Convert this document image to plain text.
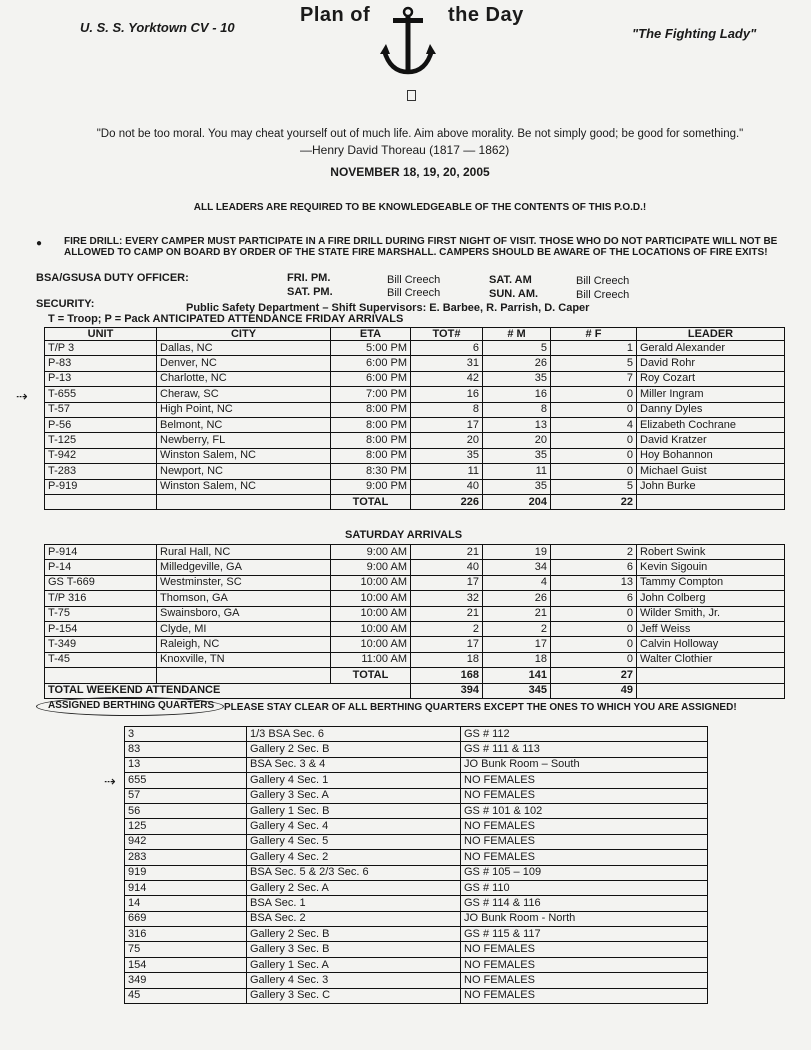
U. S. S. Yorktown CV - 10
Plan of	the Day
"The Fighting Lady"
"Do not be too moral. You may cheat yourself out of much life. Aim above morality. Be not simply good; be good for something."
—Henry David Thoreau (1817 — 1862)
NOVEMBER 18, 19, 20, 2005
ALL LEADERS ARE REQUIRED TO BE KNOWLEDGEABLE OF THE CONTENTS OF THIS P.O.D.!
● FIRE DRILL: EVERY CAMPER MUST PARTICIPATE IN A FIRE DRILL DURING FIRST NIGHT OF VISIT. THOSE WHO DO NOT PARTICIPATE WILL NOT BE ALLOWED TO CAMP ON BOARD BY ORDER OF THE STATE FIRE MARSHALL. CAMPERS SHOULD BE AWARE OF THE LOCATIONS OF FIRE EXITS!
BSA/GSUSA DUTY OFFICER:	FRI. PM.	Bill Creech	SAT. AM	Bill Creech
SAT. PM.	Bill Creech	SUN. AM.	Bill Creech
SECURITY:	Public Safety Department – Shift Supervisors: E. Barbee, R. Parrish, D. Caper
T = Troop; P = Pack ANTICIPATED ATTENDANCE FRIDAY ARRIVALS
UNIT	CITY	ETA	TOT#	# M	# F	LEADER
T/P 3	Dallas, NC	5:00 PM	6	5	1	Gerald Alexander
P-83	Denver, NC	6:00 PM	31	26	5	David Rohr
P-13	Charlotte, NC	6:00 PM	42	35	7	Roy Cozart
T-655	Cheraw, SC	7:00 PM	16	16	0	Miller Ingram
T-57	High Point, NC	8:00 PM	8	8	0	Danny Dyles
P-56	Belmont, NC	8:00 PM	17	13	4	Elizabeth Cochrane
T-125	Newberry, FL	8:00 PM	20	20	0	David Kratzer
T-942	Winston Salem, NC	8:00 PM	35	35	0	Hoy Bohannon
T-283	Newport, NC	8:30 PM	11	11	0	Michael Guist
P-919	Winston Salem, NC	9:00 PM	40	35	5	John Burke
		TOTAL	226	204	22	
SATURDAY ARRIVALS
P-914	Rural Hall, NC	9:00 AM	21	19	2	Robert Swink
P-14	Milledgeville, GA	9:00 AM	40	34	6	Kevin Sigouin
GS T-669	Westminster, SC	10:00 AM	17	4	13	Tammy Compton
T/P 316	Thomson, GA	10:00 AM	32	26	6	John Colberg
T-75	Swainsboro, GA	10:00 AM	21	21	0	Wilder Smith, Jr.
P-154	Clyde, MI	10:00 AM	2	2	0	Jeff Weiss
T-349	Raleigh, NC	10:00 AM	17	17	0	Calvin Holloway
T-45	Knoxville, TN	11:00 AM	18	18	0	Walter Clothier
		TOTAL	168	141	27	
TOTAL WEEKEND ATTENDANCE			394	345	49	
ASSIGNED BERTHING QUARTERS PLEASE STAY CLEAR OF ALL BERTHING QUARTERS EXCEPT THE ONES TO WHICH YOU ARE ASSIGNED!
3	1/3 BSA Sec. 6	GS # 112
83	Gallery 2 Sec. B	GS # 111 & 113
13	BSA Sec. 3 & 4	JO Bunk Room – South
655	Gallery 4 Sec. 1	NO FEMALES
57	Gallery 3 Sec. A	NO FEMALES
56	Gallery 1 Sec. B	GS # 101 & 102
125	Gallery 4 Sec. 4	NO FEMALES
942	Gallery 4 Sec. 5	NO FEMALES
283	Gallery 4 Sec. 2	NO FEMALES
919	BSA Sec. 5 & 2/3 Sec. 6	GS # 105 – 109
914	Gallery 2 Sec. A	GS # 110
14	BSA Sec. 1	GS # 114 & 116
669	BSA Sec. 2	JO Bunk Room - North
316	Gallery 2 Sec. B	GS # 115 & 117
75	Gallery 3 Sec. B	NO FEMALES
154	Gallery 1 Sec. A	NO FEMALES
349	Gallery 4 Sec. 3	NO FEMALES
45	Gallery 3 Sec. C	NO FEMALES
⇢
⇢
